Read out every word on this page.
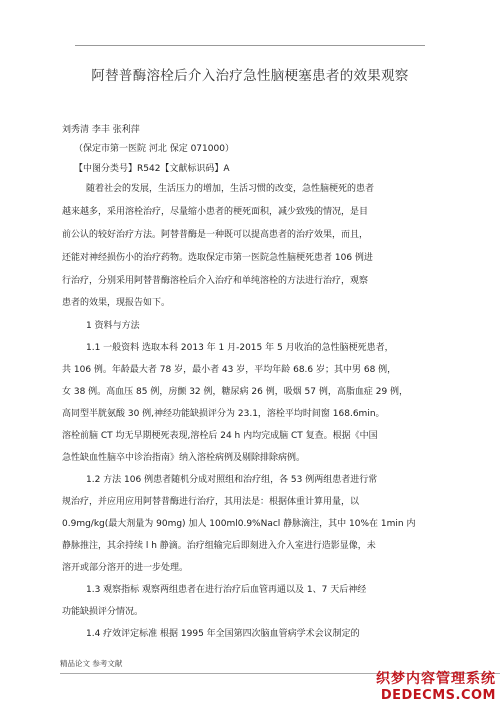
阿替普酶溶栓后介入治疗急性脑梗塞患者的效果观察
刘秀清 李丰 张利萍
（保定市第一医院 河北 保定 071000）
【中图分类号】R542【文献标识码】A
随着社会的发展，生活压力的增加，生活习惯的改变，急性脑梗死的患者
越来越多，采用溶栓治疗，尽量缩小患者的梗死面积，减少致残的情况，是目
前公认的较好治疗方法。阿替普酶是一种既可以提高患者的治疗效果，而且，
还能对神经损伤小的治疗药物。选取保定市第一医院急性脑梗死患者 106 例进
行治疗，分别采用阿替普酶溶栓后介入治疗和单纯溶栓的方法进行治疗，观察
患者的效果，现报告如下。
1 资料与方法
1.1 一般资料 选取本科 2013 年 1 月-2015 年 5 月收治的急性脑梗死患者，
共 106 例。年龄最大者 78 岁，最小者 43 岁，平均年龄 68.6 岁；其中男 68 例，
女 38 例。高血压 85 例，房颤 32 例，糖尿病 26 例，吸烟 57 例，高脂血症 29 例，
高同型半胱氨酸 30 例,神经功能缺损评分为 23.1，溶栓平均时间窗 168.6min。
溶栓前脑 CT 均无早期梗死表现,溶栓后 24 h 内均完成脑 CT 复查。根据《中国
急性缺血性脑卒中诊治指南》纳入溶栓病例及剔除排除病例。
1.2 方法 106 例患者随机分成对照组和治疗组，各 53 例两组患者进行常
规治疗，并应用应用阿替普酶进行治疗，其用法是：根据体重计算用量，以
0.9mg/kg(最大剂量为 90mg) 加人 100ml0.9%Nacl 静脉滴注，其中 10%在 1min 内
静脉推注，其余持续 l h 静滴。治疗组输完后即刻进入介入室进行造影显像，未
溶开或部分溶开的进一步处理。
1.3 观察指标 观察两组患者在进行治疗后血管再通以及 1、7 天后神经
功能缺损评分情况。
1.4 疗效评定标准 根据 1995 年全国第四次脑血管病学术会议制定的
精品论文 参考文献
织梦内容管理系统
DEDECMS.COM
